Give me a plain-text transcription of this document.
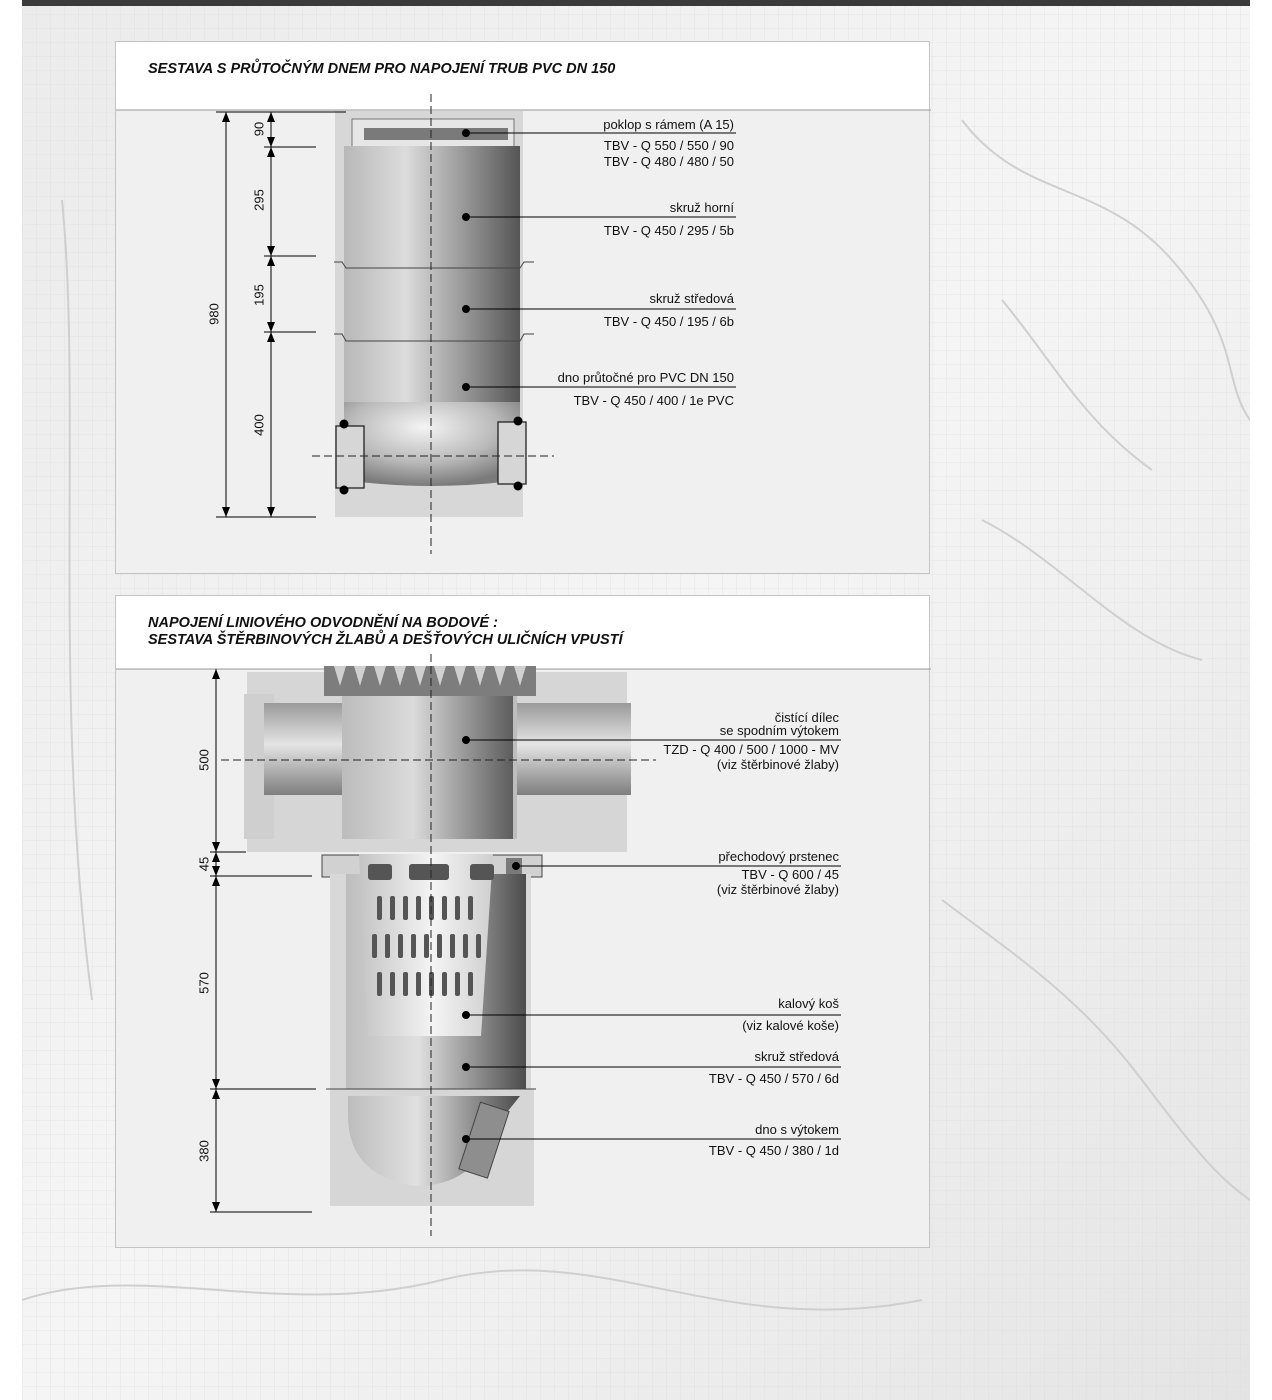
SESTAVA S PRŮTOČNÝM DNEM PRO NAPOJENÍ TRUB PVC DN 150
980
90
295
195
400
poklop s rámem (A 15)
TBV - Q 550 / 550 / 90
TBV - Q 480 / 480 / 50
skruž horní
TBV - Q 450 / 295 / 5b
skruž středová
TBV - Q 450 / 195 / 6b
dno průtočné pro PVC DN 150
TBV - Q 450 / 400 / 1e PVC
NAPOJENÍ LINIOVÉHO ODVODNĚNÍ NA BODOVÉ :
SESTAVA ŠTĚRBINOVÝCH ŽLABŮ A DEŠŤOVÝCH ULIČNÍCH VPUSTÍ
500
45
570
380
čistící dílec
se spodním výtokem
TZD - Q 400 / 500 / 1000 - MV
(viz štěrbinové žlaby)
přechodový prstenec
TBV - Q 600 / 45
(viz štěrbinové žlaby)
kalový koš
(viz kalové koše)
skruž středová
TBV - Q 450 / 570 / 6d
dno s výtokem
TBV - Q 450 / 380 / 1d
